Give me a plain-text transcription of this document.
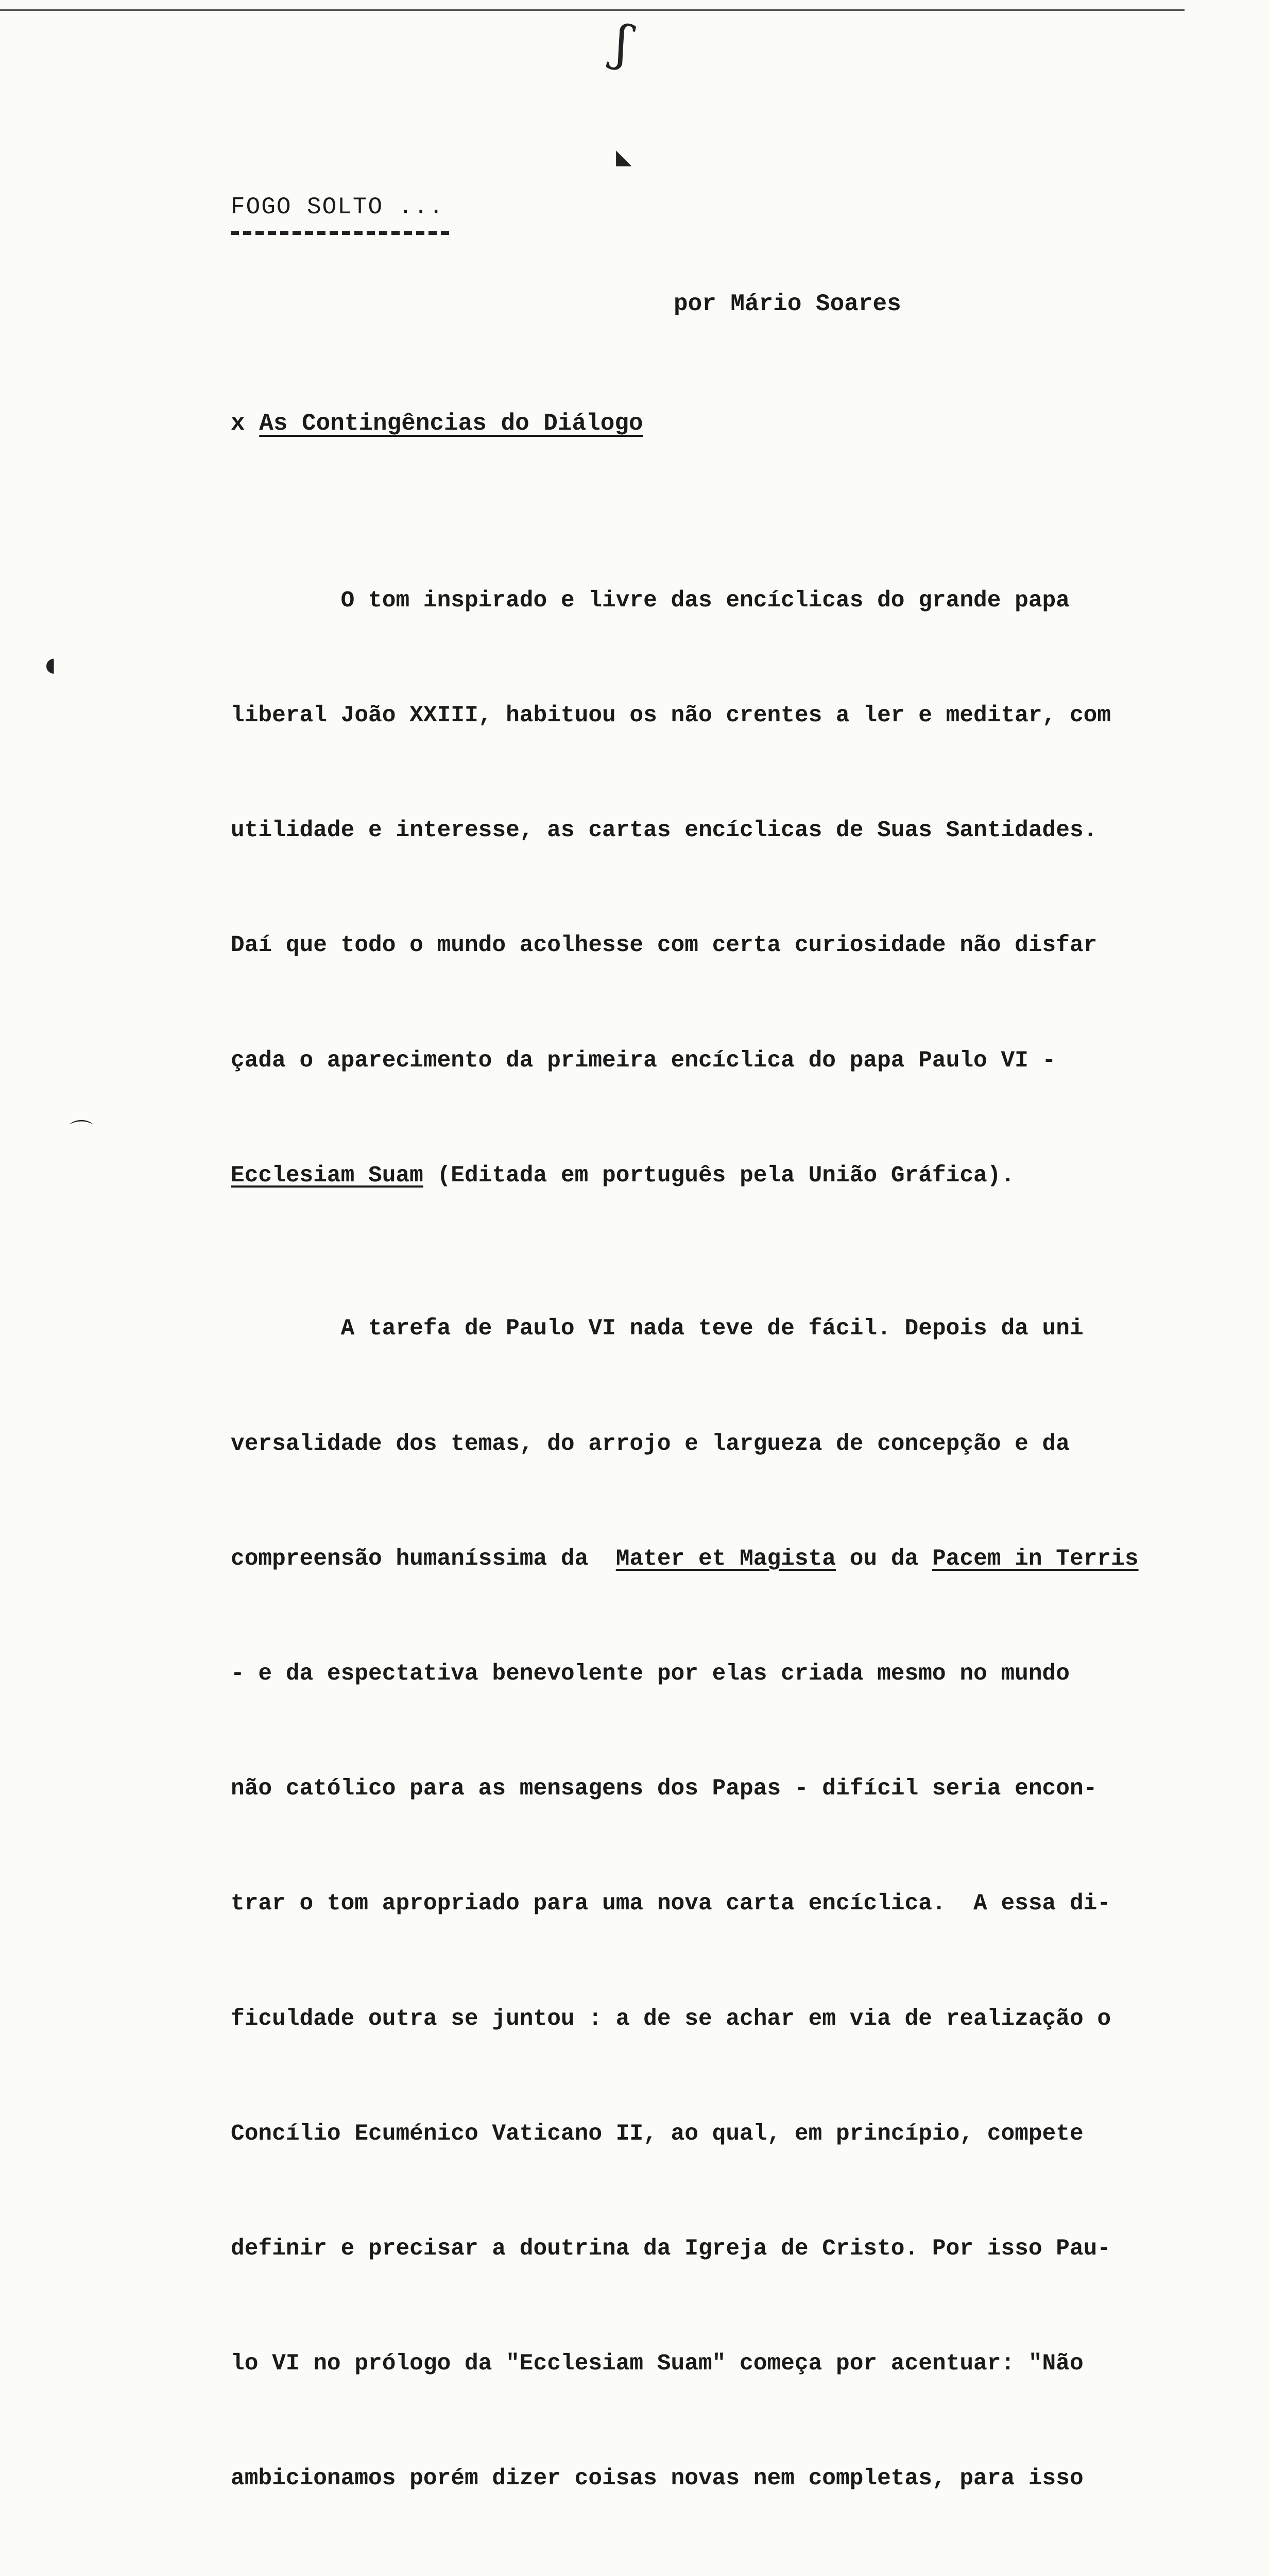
ʃ
◣
◖
⌒
FOGO SOLTO ...
por Mário Soares
x As Contingências do Diálogo

O tom inspirado e livre das encíclicas do grande papa

liberal João XXIII, habituou os não crentes a ler e meditar, com

utilidade e interesse, as cartas encíclicas de Suas Santidades.

Daí que todo o mundo acolhesse com certa curiosidade não disfar

çada o aparecimento da primeira encíclica do papa Paulo VI -

Ecclesiam Suam (Editada em português pela União Gráfica).

A tarefa de Paulo VI nada teve de fácil. Depois da uni

versalidade dos temas, do arrojo e largueza de concepção e da

compreensão humaníssima da  Mater et Magista ou da Pacem in Terris

- e da espectativa benevolente por elas criada mesmo no mundo

não católico para as mensagens dos Papas - difícil seria encon-

trar o tom apropriado para uma nova carta encíclica.  A essa di-

ficuldade outra se juntou : a de se achar em via de realização o

Concílio Ecuménico Vaticano II, ao qual, em princípio, compete

definir e precisar a doutrina da Igreja de Cristo. Por isso Pau-

lo VI no prólogo da "Ecclesiam Suam" começa por acentuar: "Não

ambicionamos porém dizer coisas novas nem completas, para isso
